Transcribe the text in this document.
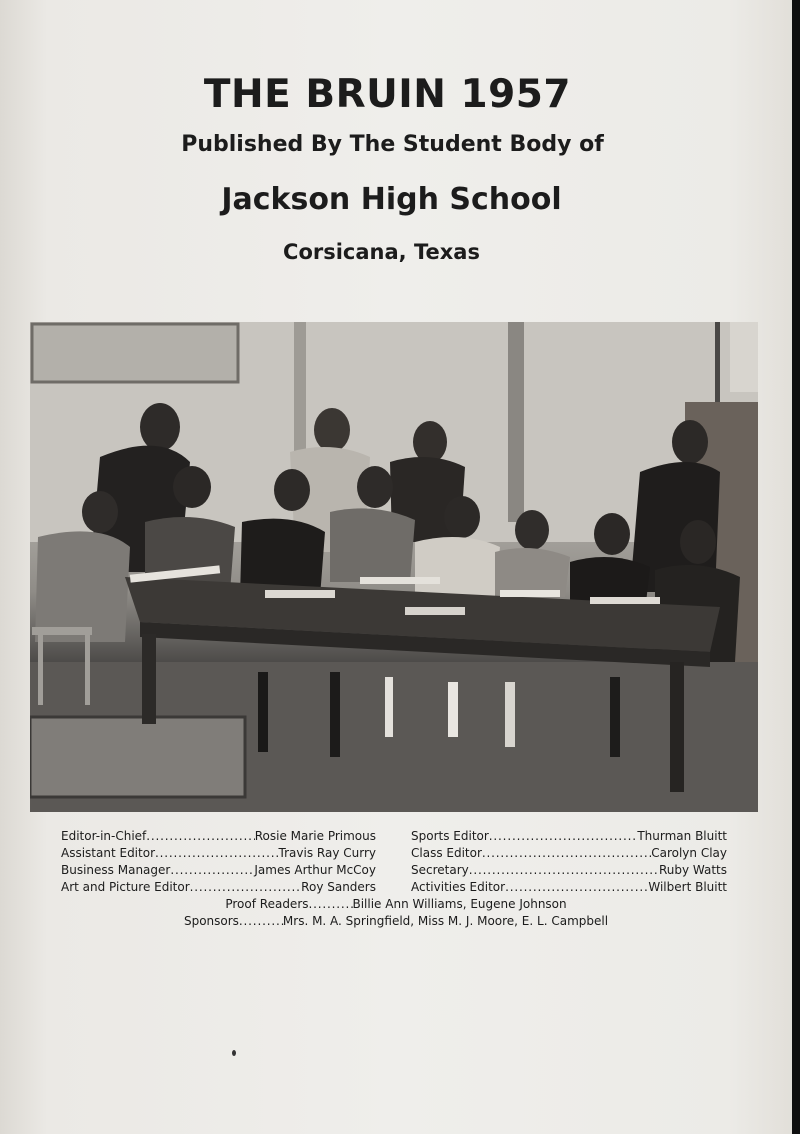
THE BRUIN 1957
Published By The Student Body of
Jackson High School
Corsicana, Texas
Editor-in-Chief . . .	Rosie Marie Primous
Assistant Editor . . .	Travis Ray Curry
Business Manager . . .	James Arthur McCoy
Art and Picture Editor . . .	Roy Sanders
Sports Editor . . .	Thurman Bluitt
Class Editor . . .	Carolyn Clay
Secretary . . .	Ruby Watts
Activities Editor . . .	Wilbert Bluitt
Proof Readers. . . . . . . . . .Billie Ann Williams, Eugene Johnson
Sponsors. . . . . . . . . .Mrs. M. A. Springfield, Miss M. J. Moore, E. L. Campbell
